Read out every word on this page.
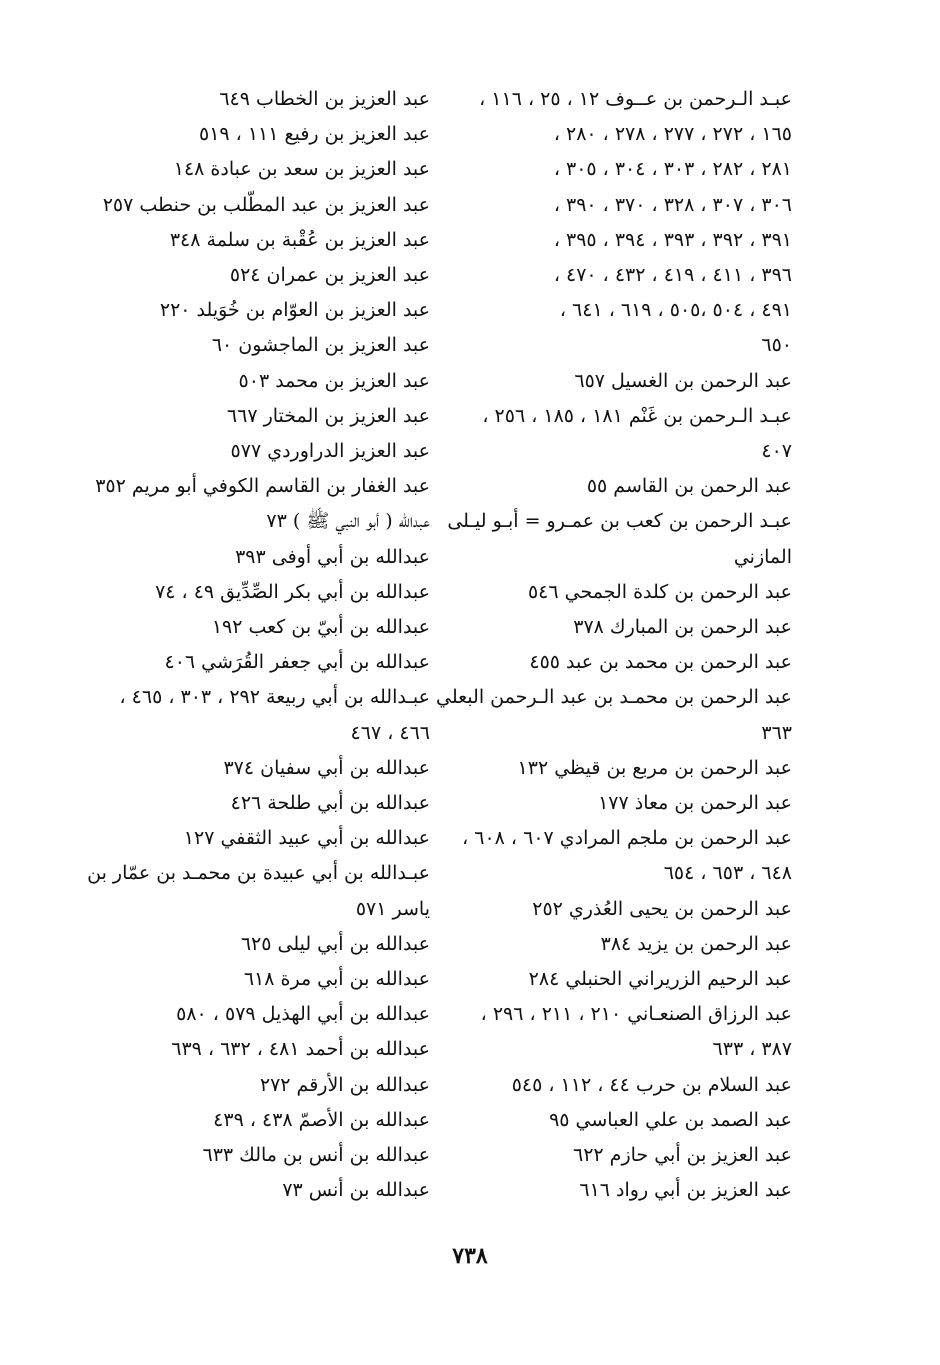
عبـد الـرحمن بن عــوف ١٢ ، ٢٥ ، ١١٦ ،
١٦٥ ، ٢٧٢ ، ٢٧٧ ، ٢٧٨ ، ٢٨٠ ،
٢٨١ ، ٢٨٢ ، ٣٠٣ ، ٣٠٤ ، ٣٠٥ ،
٣٠٦ ، ٣٠٧ ، ٣٢٨ ، ٣٧٠ ، ٣٩٠ ،
٣٩١ ، ٣٩٢ ، ٣٩٣ ، ٣٩٤ ، ٣٩٥ ،
٣٩٦ ، ٤١١ ، ٤١٩ ، ٤٣٢ ، ٤٧٠ ،
٤٩١ ، ٥٠٤ ،٥٠٥ ، ٦١٩ ، ٦٤١ ،
٦٥٠
عبد الرحمن بن الغسيل ٦٥٧
عبـد الـرحمن بن غَنْم ١٨١ ، ١٨٥ ، ٢٥٦ ،
٤٠٧
عبد الرحمن بن القاسم ٥٥
عبـد الرحمن بن كعب بن عمـرو = أبـو ليـلى
المازني
عبد الرحمن بن كلدة الجمحي ٥٤٦
عبد الرحمن بن المبارك ٣٧٨
عبد الرحمن بن محمد بن عبد ٤٥٥
عبد الرحمن بن محمـد بن عبد الـرحمن البعلي
٣٦٣
عبد الرحمن بن مربع بن قيظي ١٣٢
عبد الرحمن بن معاذ ١٧٧
عبد الرحمن بن ملجم المرادي ٦٠٧ ، ٦٠٨ ،
٦٤٨ ، ٦٥٣ ، ٦٥٤
عبد الرحمن بن يحيى العُذري ٢٥٢
عبد الرحمن بن يزيد ٣٨٤
عبد الرحيم الزريراني الحنبلي ٢٨٤
عبد الرزاق الصنعـاني ٢١٠ ، ٢١١ ، ٢٩٦ ،
٣٨٧ ، ٦٣٣
عبد السلام بن حرب ٤٤ ، ١١٢ ، ٥٤٥
عبد الصمد بن علي العباسي ٩٥
عبد العزيز بن أبي حازم ٦٢٢
عبد العزيز بن أبي رواد ٦١٦
عبد العزيز بن الخطاب ٦٤٩
عبد العزيز بن رفيع ١١١ ، ٥١٩
عبد العزيز بن سعد بن عبادة ١٤٨
عبد العزيز بن عبد المطّلب بن حنطب ٢٥٧
عبد العزيز بن عُقْبة بن سلمة ٣٤٨
عبد العزيز بن عمران ٥٢٤
عبد العزيز بن العوّام بن خُوَيلد ٢٢٠
عبد العزيز بن الماجشون ٦٠
عبد العزيز بن محمد ٥٠٣
عبد العزيز بن المختار ٦٦٧
عبد العزيز الدراوردي ٥٧٧
عبد الغفار بن القاسم الكوفي أبو مريم ٣٥٢
عبدالله ( أبو النبي ﷺ ) ٧٣
عبدالله بن أبي أوفى ٣٩٣
عبدالله بن أبي بكر الصِّدِّيق ٤٩ ، ٧٤
عبدالله بن أبيّ بن كعب ١٩٢
عبدالله بن أبي جعفر القُرَشي ٤٠٦
عبـدالله بن أبي ربيعة ٢٩٢ ، ٣٠٣ ، ٤٦٥ ،
٤٦٦ ، ٤٦٧
عبدالله بن أبي سفيان ٣٧٤
عبدالله بن أبي طلحة ٤٢٦
عبدالله بن أبي عبيد الثقفي ١٢٧
عبـدالله بن أبي عبيدة بن محمـد بن عمّار بن
ياسر ٥٧١
عبدالله بن أبي ليلى ٦٢٥
عبدالله بن أبي مرة ٦١٨
عبدالله بن أبي الهذيل ٥٧٩ ، ٥٨٠
عبدالله بن أحمد ٤٨١ ، ٦٣٢ ، ٦٣٩
عبدالله بن الأرقم ٢٧٢
عبدالله بن الأصمّ ٤٣٨ ، ٤٣٩
عبدالله بن أنس بن مالك ٦٣٣
عبدالله بن أنس ٧٣
٧٣٨
